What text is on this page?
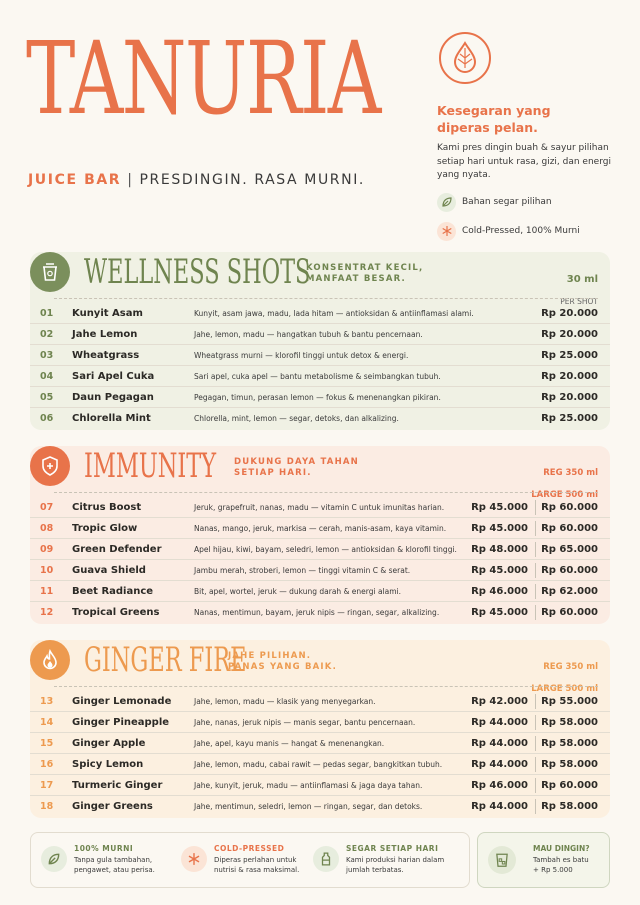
TANURIA
JUICE BAR | PRESDINGIN. RASA MURNI.
Kesegaran yang
diperas pelan.
Kami pres dingin buah & sayur pilihan setiap hari untuk rasa, gizi, dan energi yang nyata.
Bahan segar pilihan
Cold-Pressed, 100% Murni
WELLNESS SHOTS
KONSENTRAT KECIL,
MANFAAT BESAR.	30 ml

PER SHOT

01 Kunyit Asam	Kunyit, asam jawa, madu, lada hitam — antioksidan & antiinflamasi alami.	Rp 20.000
02 Jahe Lemon	Jahe, lemon, madu — hangatkan tubuh & bantu pencernaan.	Rp 20.000
03 Wheatgrass	Wheatgrass murni — klorofil tinggi untuk detox & energi.	Rp 25.000
04 Sari Apel Cuka	Sari apel, cuka apel — bantu metabolisme & seimbangkan tubuh.	Rp 20.000
05 Daun Pegagan	Pegagan, timun, perasan lemon — fokus & menenangkan pikiran.	Rp 20.000
06 Chlorella Mint	Chlorella, mint, lemon — segar, detoks, dan alkalizing.	Rp 25.000
IMMUNITY DUKUNG DAYA TAHAN
SETIAP HARI.	REG 350 ml

LARGE 500 ml

07 Citrus Boost	Jeruk, grapefruit, nanas, madu — vitamin C untuk imunitas harian.	Rp 45.000 Rp 60.000
08 Tropic Glow	Nanas, mango, jeruk, markisa — cerah, manis-asam, kaya vitamin. Rp 45.000 Rp 60.000
09 Green Defender	Apel hijau, kiwi, bayam, seledri, lemon — antioksidan & klorofil tinggi. Rp 48.000 Rp 65.000
10 Guava Shield	Jambu merah, stroberi, lemon — tinggi vitamin C & serat.	Rp 45.000 Rp 60.000
11 Beet Radiance	Bit, apel, wortel, jeruk — dukung darah & energi alami.	Rp 46.000 Rp 62.000
12 Tropical Greens	Nanas, mentimun, bayam, jeruk nipis — ringan, segar, alkalizing.	Rp 45.000 Rp 60.000
GINGER FIRE
JAHE PILIHAN.
PANAS YANG BAIK.	REG 350 ml

LARGE 500 ml

13 Ginger Lemonade	Jahe, lemon, madu — klasik yang menyegarkan.	Rp 42.000 Rp 55.000
14 Ginger Pineapple	Jahe, nanas, jeruk nipis — manis segar, bantu pencernaan.	Rp 44.000 Rp 58.000
15 Ginger Apple	Jahe, apel, kayu manis — hangat & menenangkan.	Rp 44.000 Rp 58.000
16 Spicy Lemon	Jahe, lemon, madu, cabai rawit — pedas segar, bangkitkan tubuh.	Rp 44.000 Rp 58.000
17 Turmeric Ginger	Jahe, kunyit, jeruk, madu — antiinflamasi & jaga daya tahan.	Rp 46.000 Rp 60.000
18 Ginger Greens	Jahe, mentimun, seledri, lemon — ringan, segar, dan detoks.	Rp 44.000 Rp 58.000
100% MURNI
Tanpa gula tambahan,
pengawet, atau perisa.
COLD-PRESSED
Diperas perlahan untuk
nutrisi & rasa maksimal.
SEGAR SETIAP HARI
Kami produksi harian dalam
jumlah terbatas.
MAU DINGIN?
Tambah es batu
+ Rp 5.000
